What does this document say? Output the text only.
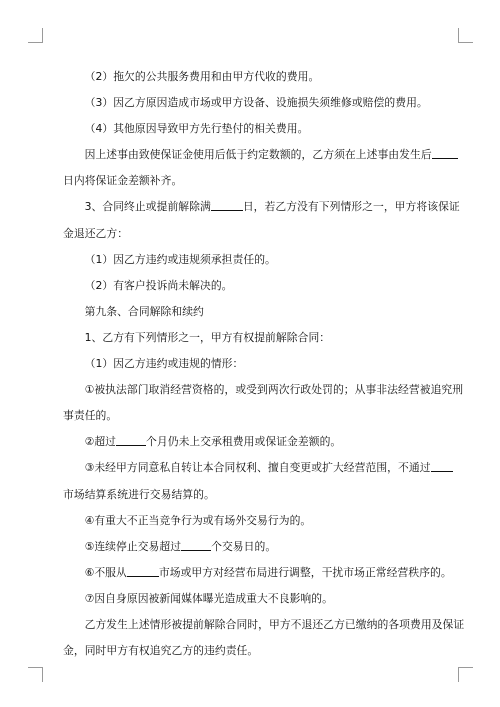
（2）拖欠的公共服务费用和由甲方代收的费用。
（3）因乙方原因造成市场或甲方设备、设施损失须维修或赔偿的费用。
（4）其他原因导致甲方先行垫付的相关费用。
因上述事由致使保证金使用后低于约定数额的，乙方须在上述事由发生后
日内将保证金差额补齐。
3、合同终止或提前解除满	日，若乙方没有下列情形之一，甲方将该保证
金退还乙方：
（1）因乙方违约或违规须承担责任的。
（2）有客户投诉尚未解决的。
第九条、合同解除和续约
1、乙方有下列情形之一，甲方有权提前解除合同：
（1）因乙方违约或违规的情形：
①被执法部门取消经营资格的，或受到两次行政处罚的；从事非法经营被追究刑
事责任的。
②超过	个月仍未上交承租费用或保证金差额的。
③未经甲方同意私自转让本合同权利、擅自变更或扩大经营范围，不通过
市场结算系统进行交易结算的。
④有重大不正当竞争行为或有场外交易行为的。
⑤连续停止交易超过	个交易日的。
⑥不服从	市场或甲方对经营布局进行调整，干扰市场正常经营秩序的。
⑦因自身原因被新闻媒体曝光造成重大不良影响的。
乙方发生上述情形被提前解除合同时，甲方不退还乙方已缴纳的各项费用及保证
金，同时甲方有权追究乙方的违约责任。
